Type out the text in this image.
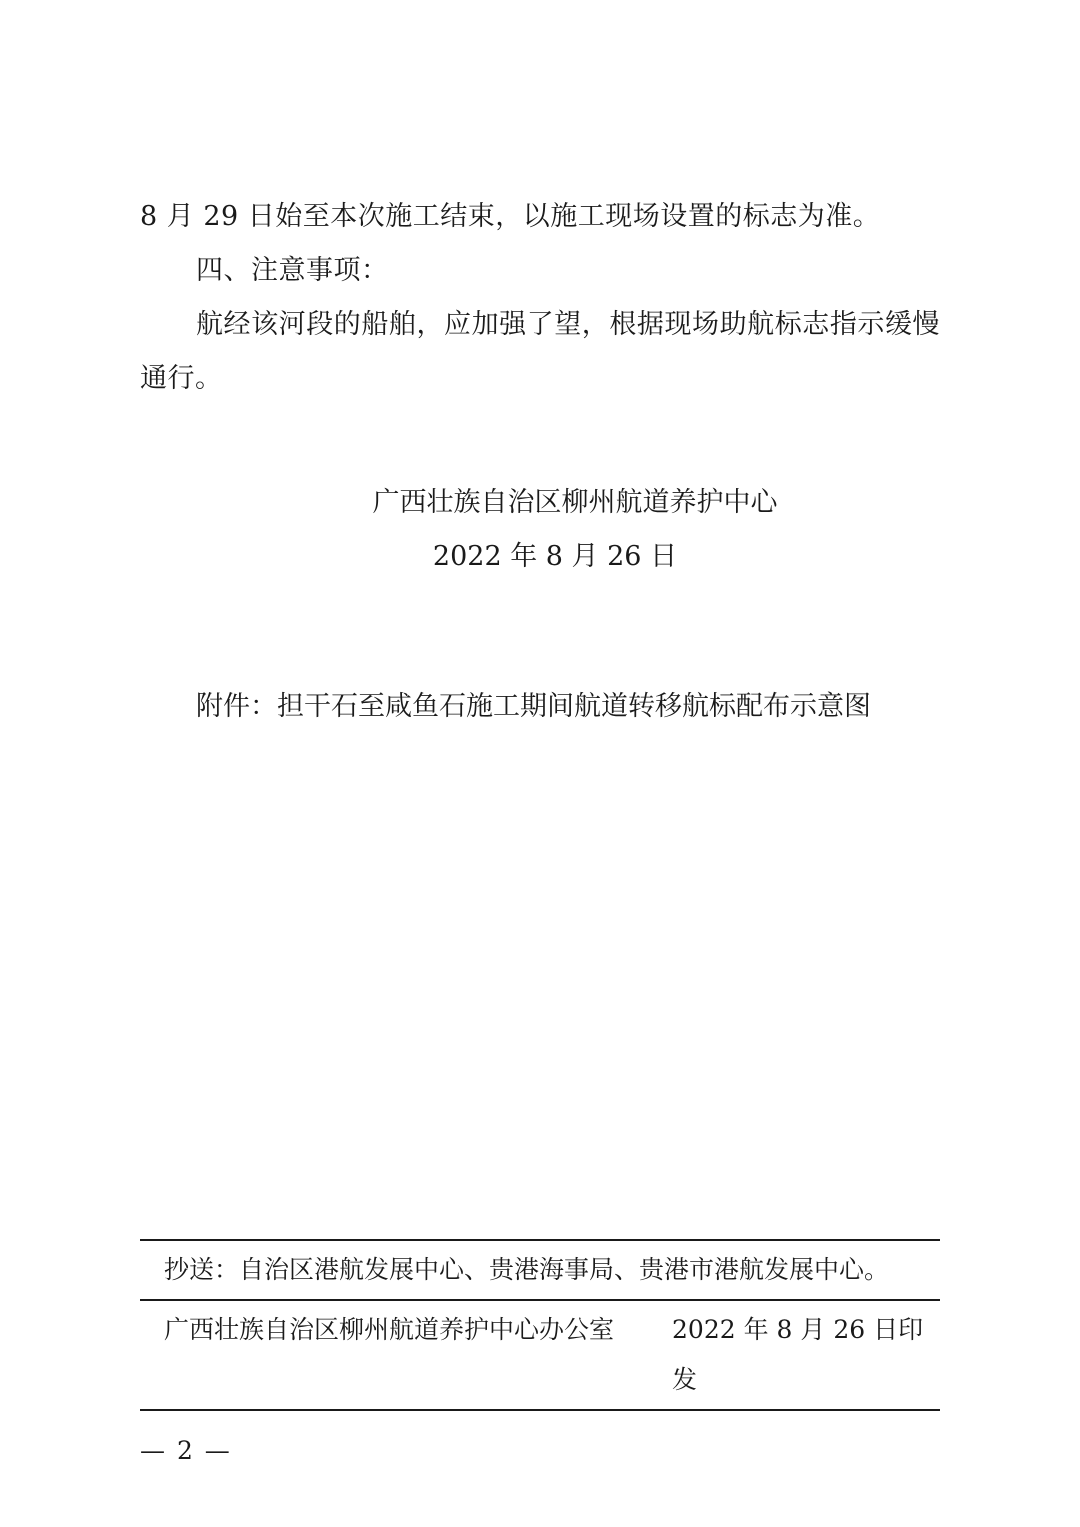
8 月 29 日始至本次施工结束，以施工现场设置的标志为准。

四、注意事项：

航经该河段的船舶，应加强了望，根据现场助航标志指示缓慢通行。

广西壮族自治区柳州航道养护中心
2022 年 8 月 26 日
附件：担干石至咸鱼石施工期间航道转移航标配布示意图
抄送：自治区港航发展中心、贵港海事局、贵港市港航发展中心。
广西壮族自治区柳州航道养护中心办公室 2022 年 8 月 26 日印发
— 2 —
